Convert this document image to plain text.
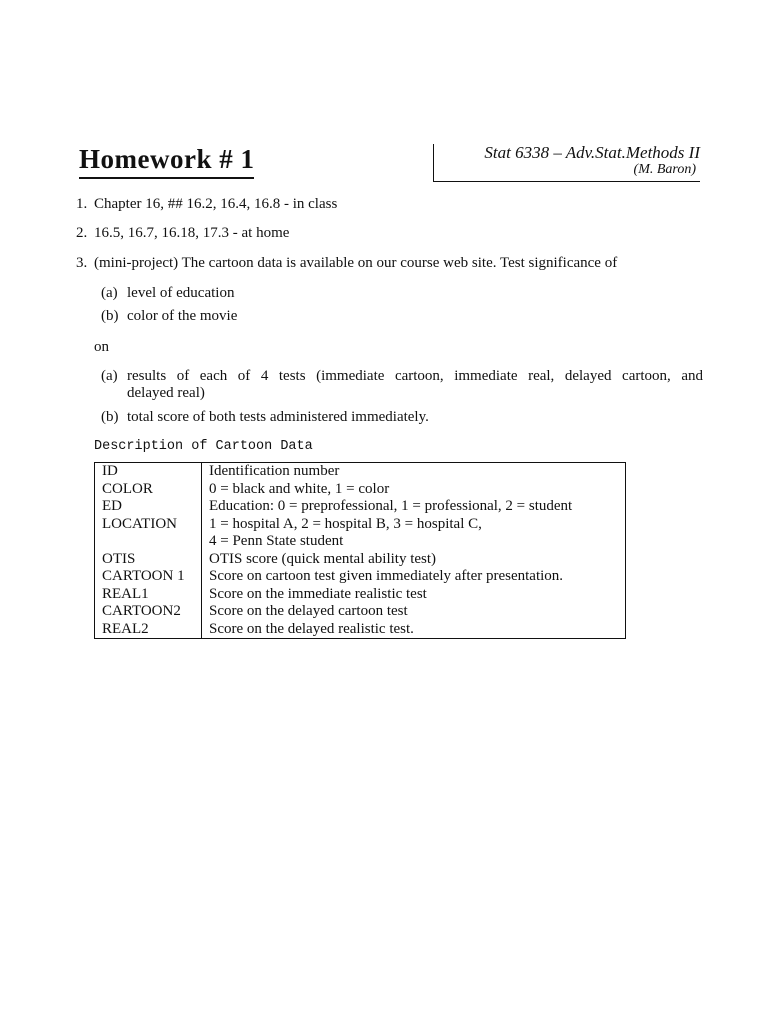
Homework # 1	Stat 6338 – Adv.Stat.Methods II
(M. Baron)
1. Chapter 16, ## 16.2, 16.4, 16.8 - in class
2. 16.5, 16.7, 16.18, 17.3 - at home
3. (mini-project) The cartoon data is available on our course web site. Test significance of
(a) level of education
(b) color of the movie
on
(a) results of each of 4 tests (immediate cartoon, immediate real, delayed cartoon, and
delayed real)
(b) total score of both tests administered immediately.
Description of Cartoon Data
ID	Identification number
COLOR	0 = black and white, 1 = color
ED	Education: 0 = preprofessional, 1 = professional, 2 = student
LOCATION	1 = hospital A, 2 = hospital B, 3 = hospital C,
	4 = Penn State student
OTIS	OTIS score (quick mental ability test)
CARTOON 1	Score on cartoon test given immediately after presentation.
REAL1	Score on the immediate realistic test
CARTOON2	Score on the delayed cartoon test
REAL2	Score on the delayed realistic test.
